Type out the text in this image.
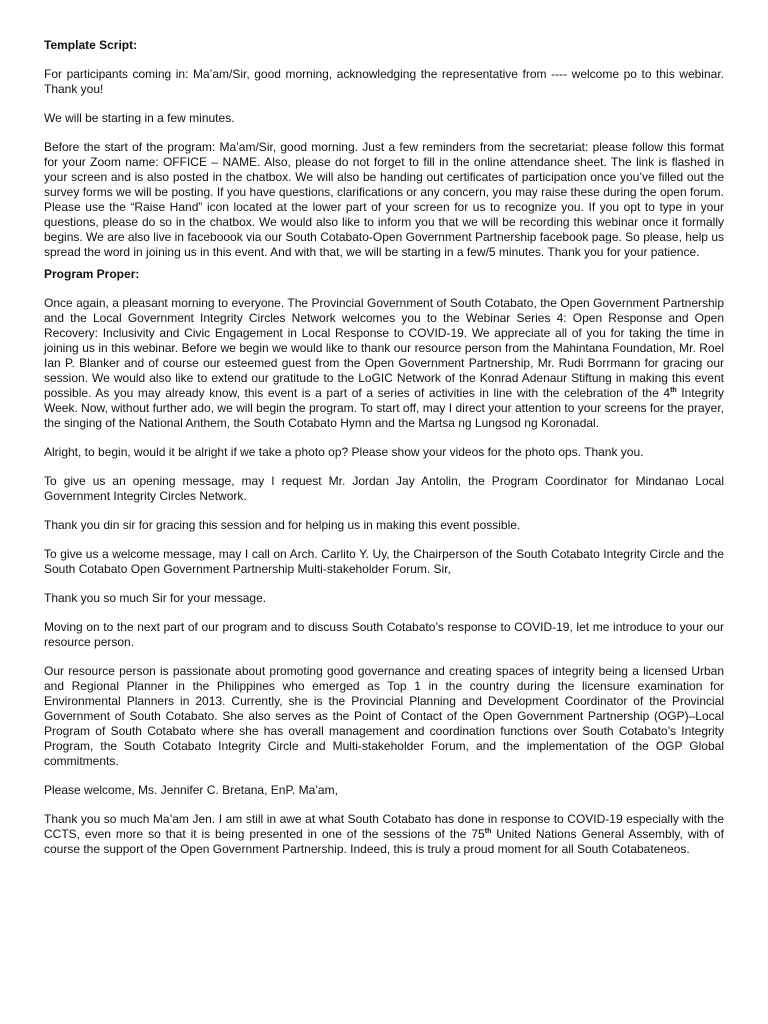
Template Script:

For participants coming in: Ma’am/Sir, good morning, acknowledging the representative from ---- welcome po to this webinar. Thank you!

We will be starting in a few minutes.

Before the start of the program: Ma’am/Sir, good morning. Just a few reminders from the secretariat: please follow this format for your Zoom name: OFFICE – NAME. Also, please do not forget to fill in the online attendance sheet. The link is flashed in your screen and is also posted in the chatbox. We will also be handing out certificates of participation once you’ve filled out the survey forms we will be posting. If you have questions, clarifications or any concern, you may raise these during the open forum. Please use the “Raise Hand” icon located at the lower part of your screen for us to recognize you. If you opt to type in your questions, please do so in the chatbox. We would also like to inform you that we will be recording this webinar once it formally begins. We are also live in faceboook via our South Cotabato-Open Government Partnership facebook page. So please, help us spread the word in joining us in this event. And with that, we will be starting in a few/5 minutes. Thank you for your patience.

Program Proper:

Once again, a pleasant morning to everyone. The Provincial Government of South Cotabato, the Open Government Partnership and the Local Government Integrity Circles Network welcomes you to the Webinar Series 4: Open Response and Open Recovery: Inclusivity and Civic Engagement in Local Response to COVID-19. We appreciate all of you for taking the time in joining us in this webinar. Before we begin we would like to thank our resource person from the Mahintana Foundation, Mr. Roel Ian P. Blanker and of course our esteemed guest from the Open Government Partnership, Mr. Rudi Borrmann for gracing our session. We would also like to extend our gratitude to the LoGIC Network of the Konrad Adenaur Stiftung in making this event possible. As you may already know, this event is a part of a series of activities in line with the celebration of the 4th Integrity Week. Now, without further ado, we will begin the program. To start off, may I direct your attention to your screens for the prayer, the singing of the National Anthem, the South Cotabato Hymn and the Martsa ng Lungsod ng Koronadal.

Alright, to begin, would it be alright if we take a photo op? Please show your videos for the photo ops. Thank you.

To give us an opening message, may I request Mr. Jordan Jay Antolin, the Program Coordinator for Mindanao Local Government Integrity Circles Network.

Thank you din sir for gracing this session and for helping us in making this event possible.

To give us a welcome message, may I call on Arch. Carlito Y. Uy, the Chairperson of the South Cotabato Integrity Circle and the South Cotabato Open Government Partnership Multi-stakeholder Forum. Sir,

Thank you so much Sir for your message.

Moving on to the next part of our program and to discuss South Cotabato’s response to COVID-19, let me introduce to your our resource person.

Our resource person is passionate about promoting good governance and creating spaces of integrity being a licensed Urban and Regional Planner in the Philippines who emerged as Top 1 in the country during the licensure examination for Environmental Planners in 2013. Currently, she is the Provincial Planning and Development Coordinator of the Provincial Government of South Cotabato. She also serves as the Point of Contact of the Open Government Partnership (OGP)–Local Program of South Cotabato where she has overall management and coordination functions over South Cotabato’s Integrity Program, the South Cotabato Integrity Circle and Multi-stakeholder Forum, and the implementation of the OGP Global commitments.

Please welcome, Ms. Jennifer C. Bretana, EnP. Ma’am,

Thank you so much Ma’am Jen. I am still in awe at what South Cotabato has done in response to COVID-19 especially with the CCTS, even more so that it is being presented in one of the sessions of the 75th United Nations General Assembly, with of course the support of the Open Government Partnership. Indeed, this is truly a proud moment for all South Cotabateneos.
